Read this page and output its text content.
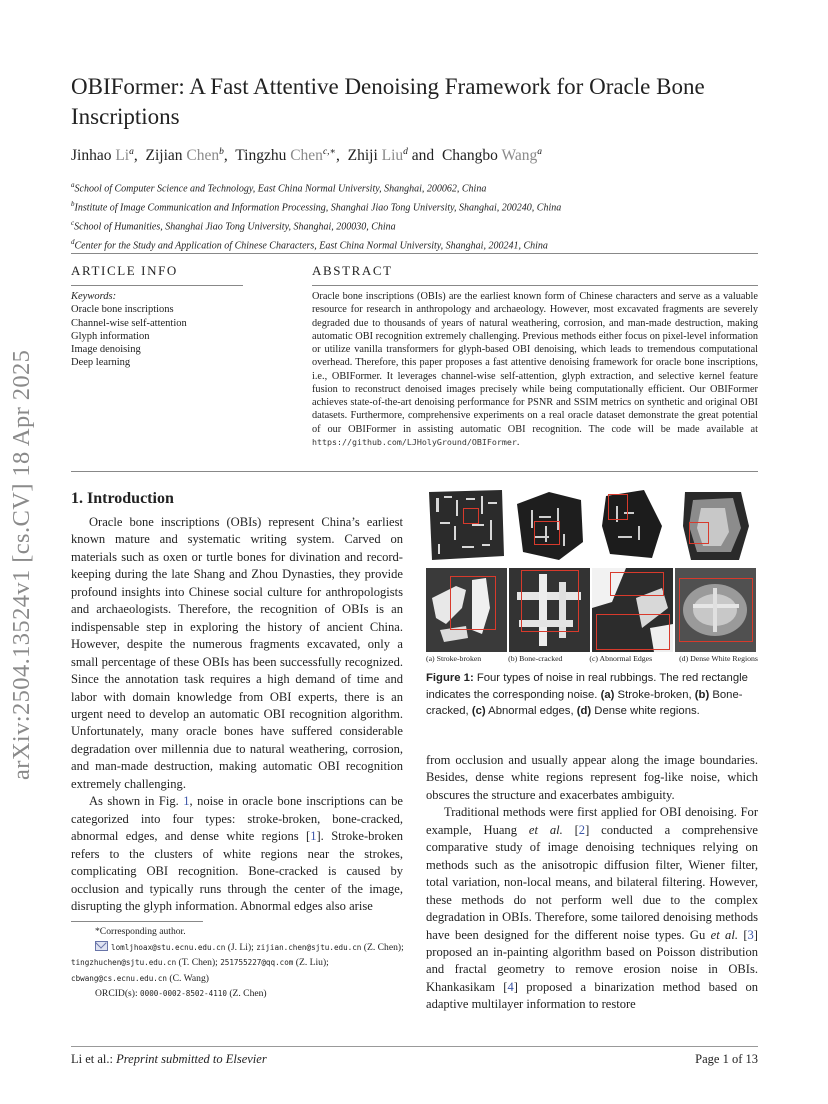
arXiv:2504.13524v1 [cs.CV] 18 Apr 2025
OBIFormer: A Fast Attentive Denoising Framework for Oracle Bone Inscriptions
Jinhao Li$^a$,  Zijian Chen$^b$,  Tingzhu Chen$^{c,∗}$,  Zhiji Liu$^d$ and Changbo Wang$^a$
$^a$School of Computer Science and Technology, East China Normal University, Shanghai, 200062, China
$^b$Institute of Image Communication and Information Processing, Shanghai Jiao Tong University, Shanghai, 200240, China
$^c$School of Humanities, Shanghai Jiao Tong University, Shanghai, 200030, China
$^d$Center for the Study and Application of Chinese Characters, East China Normal University, Shanghai, 200241, China
ARTICLE INFO
Keywords:
Oracle bone inscriptions
Channel-wise self-attention
Glyph information
Image denoising
Deep learning
ABSTRACT
Oracle bone inscriptions (OBIs) are the earliest known form of Chinese characters and serve as a valuable resource for research in anthropology and archaeology. However, most excavated fragments are severely degraded due to thousands of years of natural weathering, corrosion, and man-made destruction, making automatic OBI recognition extremely challenging. Previous methods either focus on pixel-level information or utilize vanilla transformers for glyph-based OBI denoising, which leads to tremendous computational overhead. Therefore, this paper proposes a fast attentive denoising framework for oracle bone inscriptions, i.e., OBIFormer. It leverages channel-wise self-attention, glyph extraction, and selective kernel feature fusion to reconstruct denoised images precisely while being computationally efficient. Our OBIFormer achieves state-of-the-art denoising performance for PSNR and SSIM metrics on synthetic and original OBI datasets. Furthermore, comprehensive experiments on a real oracle dataset demonstrate the great potential of our OBIFormer in assisting automatic OBI recognition. The code will be made available at https://github.com/LJHolyGround/OBIFormer.
1. Introduction

Oracle bone inscriptions (OBIs) represent China’s earliest known mature and systematic writing system. Carved on materials such as oxen or turtle bones for divination and record-keeping during the late Shang and Zhou Dynasties, they provide profound insights into Chinese social culture for anthropologists and archaeologists. Therefore, the recognition of OBIs is an indispensable step in exploring the history of ancient China. However, despite the numerous fragments excavated, only a small percentage of these OBIs has been successfully recognized. Since the annotation task requires a high demand of time and labor with domain knowledge from OBI experts, there is an urgent need to develop an automatic OBI recognition algorithm. Unfortunately, many oracle bones have suffered considerable degradation over millennia due to natural weathering, corrosion, and man-made destruction, making automatic OBI recognition extremely challenging.

As shown in Fig. 1, noise in oracle bone inscriptions can be categorized into four types: stroke-broken, bone-cracked, abnormal edges, and dense white regions [1]. Stroke-broken refers to the clusters of white regions near the strokes, complicating OBI recognition. Bone-cracked is caused by occlusion and typically runs through the center of the image, disrupting the glyph information. Abnormal edges also arise

*Corresponding author.
lomljhoax@stu.ecnu.edu.cn (J. Li); zijian.chen@sjtu.edu.cn (Z. Chen);
tingzhuchen@sjtu.edu.cn (T. Chen); 251755227@qq.com (Z. Liu);
cbwang@cs.ecnu.edu.cn (C. Wang)
ORCID(s): 0000-0002-8502-4110 (Z. Chen)
(a) Stroke-broken	(b) Bone-cracked	(c) Abnormal Edges	(d) Dense White Regions
Figure 1: Four types of noise in real rubbings. The red rectangle indicates the corresponding noise. (a) Stroke-broken, (b) Bone-cracked, (c) Abnormal edges, (d) Dense white regions.

from occlusion and usually appear along the image boundaries. Besides, dense white regions represent fog-like noise, which obscures the structure and exacerbates ambiguity.

Traditional methods were first applied for OBI denoising. For example, Huang et al. [2] conducted a comprehensive comparative study of image denoising techniques relying on methods such as the anisotropic diffusion filter, Wiener filter, total variation, non-local means, and bilateral filtering. However, these methods do not perform well due to the complex degradation in OBIs. Therefore, some tailored denoising methods have been designed for the different noise types. Gu et al. [3] proposed an in-painting algorithm based on Poisson distribution and fractal geometry to remove erosion noise in OBIs. Khankasikam [4] proposed a binarization method based on adaptive multilayer information to restore

Li et al.: Preprint submitted to Elsevier	Page 1 of 13
